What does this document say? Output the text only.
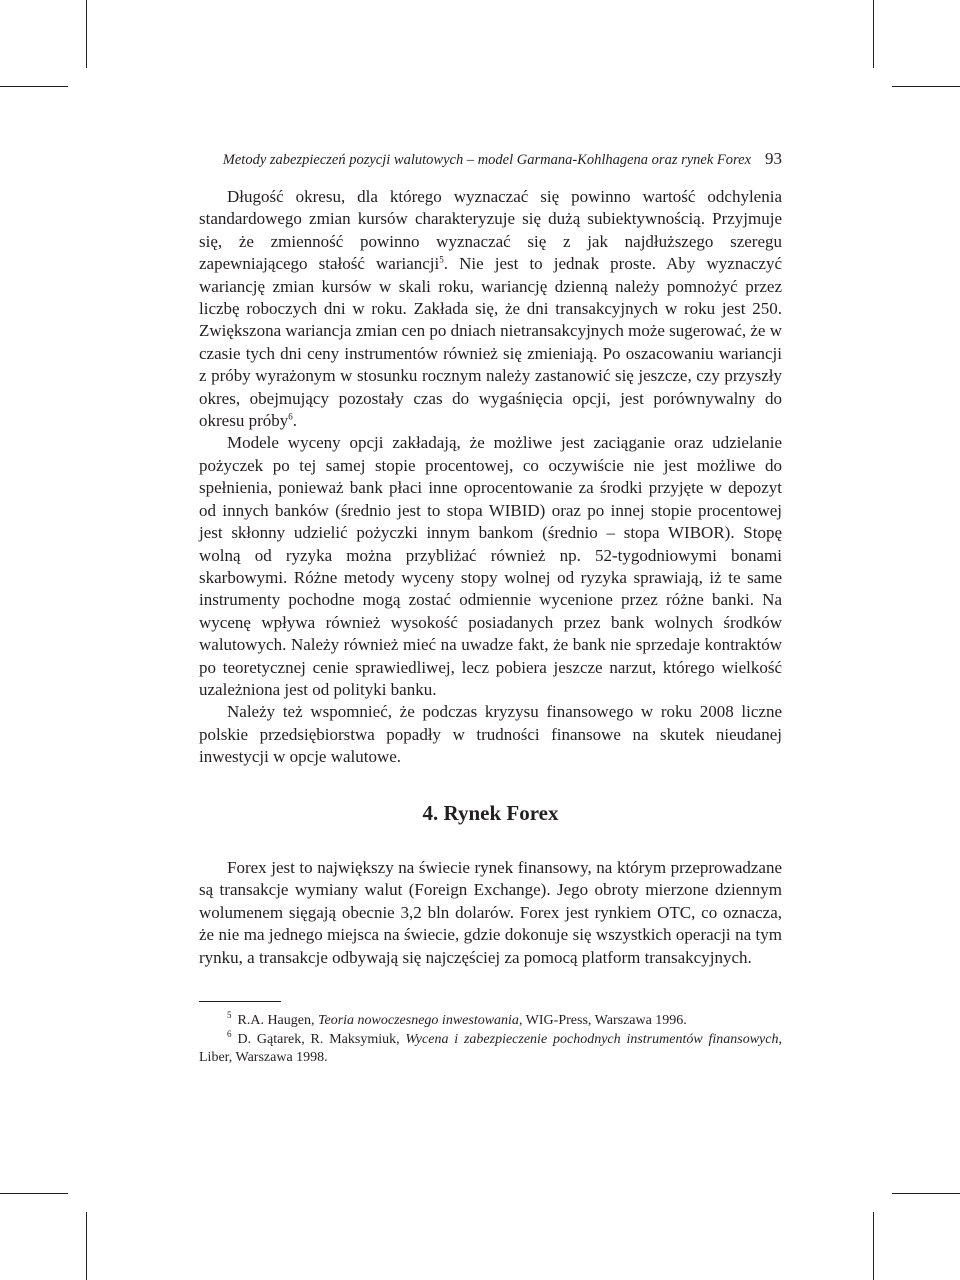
Metody zabezpieczeń pozycji walutowych – model Garmana-Kohlhagena oraz rynek Forex 93

Długość okresu, dla którego wyznaczać się powinno wartość odchylenia standardowego zmian kursów charakteryzuje się dużą subiektywnością. Przyjmuje się, że zmienność powinno wyznaczać się z jak najdłuższego szeregu zapewniającego stałość wariancji$^5$. Nie jest to jednak proste. Aby wyznaczyć wariancję zmian kursów w skali roku, wariancję dzienną należy pomnożyć przez liczbę roboczych dni w roku. Zakłada się, że dni transakcyjnych w roku jest 250. Zwiększona wariancja zmian cen po dniach nietransakcyjnych może sugerować, że w czasie tych dni ceny instrumentów również się zmieniają. Po oszacowaniu wariancji z próby wyrażonym w stosunku rocznym należy zastanowić się jeszcze, czy przyszły okres, obejmujący pozostały czas do wygaśnięcia opcji, jest porównywalny do okresu próby$^6$.

Modele wyceny opcji zakładają, że możliwe jest zaciąganie oraz udzielanie pożyczek po tej samej stopie procentowej, co oczywiście nie jest możliwe do spełnienia, ponieważ bank płaci inne oprocentowanie za środki przyjęte w depozyt od innych banków (średnio jest to stopa WIBID) oraz po innej stopie procentowej jest skłonny udzielić pożyczki innym bankom (średnio – stopa WIBOR). Stopę wolną od ryzyka można przybliżać również np. 52-tygodniowymi bonami skarbowymi. Różne metody wyceny stopy wolnej od ryzyka sprawiają, iż te same instrumenty pochodne mogą zostać odmiennie wycenione przez różne banki. Na wycenę wpływa również wysokość posiadanych przez bank wolnych środków walutowych. Należy również mieć na uwadze fakt, że bank nie sprzedaje kontraktów po teoretycznej cenie sprawiedliwej, lecz pobiera jeszcze narzut, którego wielkość uzależniona jest od polityki banku.

Należy też wspomnieć, że podczas kryzysu finansowego w roku 2008 liczne polskie przedsiębiorstwa popadły w trudności finansowe na skutek nieudanej inwestycji w opcje walutowe.

4. Rynek Forex

Forex jest to największy na świecie rynek finansowy, na którym przeprowadzane są transakcje wymiany walut (Foreign Exchange). Jego obroty mierzone dziennym wolumenem sięgają obecnie 3,2 bln dolarów. Forex jest rynkiem OTC, co oznacza, że nie ma jednego miejsca na świecie, gdzie dokonuje się wszystkich operacji na tym rynku, a transakcje odbywają się najczęściej za pomocą platform transakcyjnych.

$^5$ R.A. Haugen, Teoria nowoczesnego inwestowania, WIG-Press, Warszawa 1996.

$^6$ D. Gątarek, R. Maksymiuk, Wycena i zabezpieczenie pochodnych instrumentów finansowych, Liber, Warszawa 1998.
